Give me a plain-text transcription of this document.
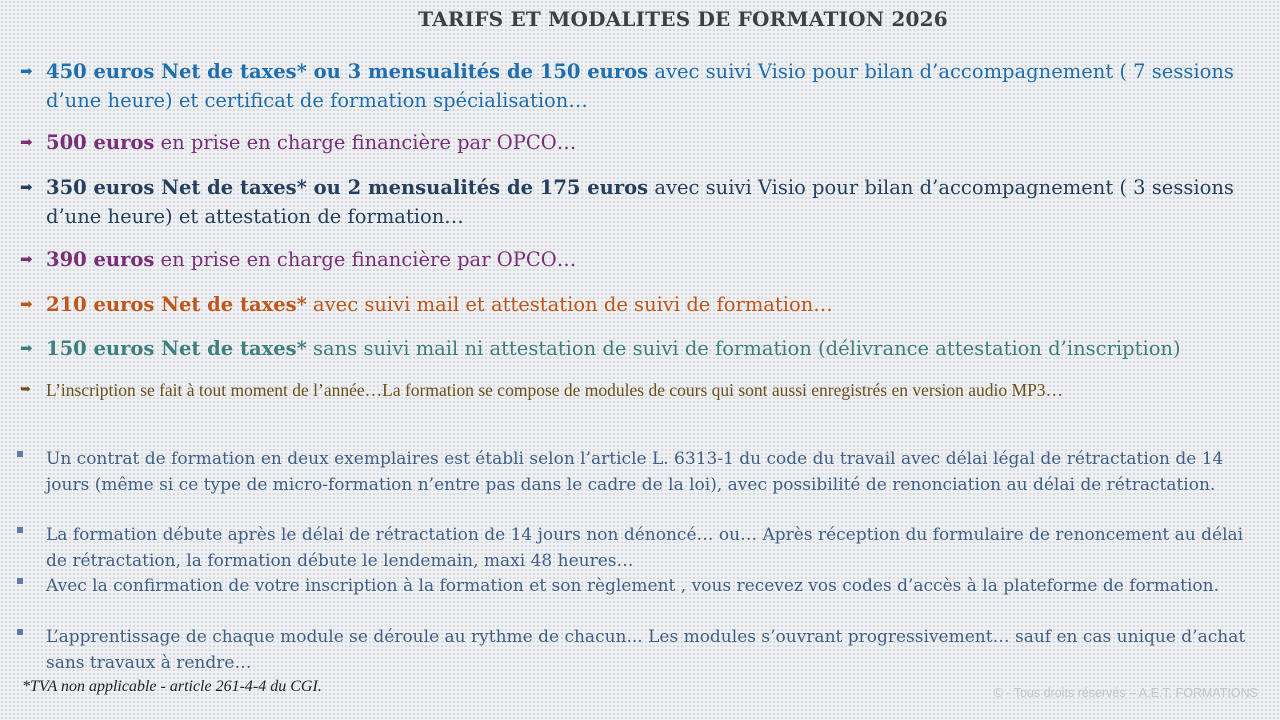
TARIFS ET MODALITES DE FORMATION 2026
➡ 450 euros Net de taxes* ou 3 mensualités de 150 euros avec suivi Visio pour bilan d’accompagnement ( 7 sessions d’une heure) et certificat de formation spécialisation…
➡ 500 euros en prise en charge financière par OPCO…
➡ 350 euros Net de taxes* ou 2 mensualités de 175 euros avec suivi Visio pour bilan d’accompagnement ( 3 sessions d’une heure) et attestation de formation…
➡ 390 euros en prise en charge financière par OPCO…
➡ 210 euros Net de taxes* avec suivi mail et attestation de suivi de formation…
➡ 150 euros Net de taxes* sans suivi mail ni attestation de suivi de formation (délivrance attestation d’inscription)
➥ L’inscription se fait à tout moment de l’année…La formation se compose de modules de cours qui sont aussi enregistrés en version audio MP3…
Un contrat de formation en deux exemplaires est établi selon l’article L. 6313-1 du code du travail avec délai légal de rétractation de 14 jours (même si ce type de micro-formation n’entre pas dans le cadre de la loi), avec possibilité de renonciation au délai de rétractation.
La formation débute après le délai de rétractation de 14 jours non dénoncé… ou… Après réception du formulaire de renoncement au délai de rétractation, la formation débute le lendemain, maxi 48 heures…
Avec la confirmation de votre inscription à la formation et son règlement , vous recevez vos codes d’accès à la plateforme de formation.
L’apprentissage de chaque module se déroule au rythme de chacun... Les modules s’ouvrant progressivement… sauf en cas unique d’achat sans travaux à rendre…
*TVA non applicable - article 261-4-4 du CGI.	© - Tous droits réservés – A.E.T. FORMATIONS
